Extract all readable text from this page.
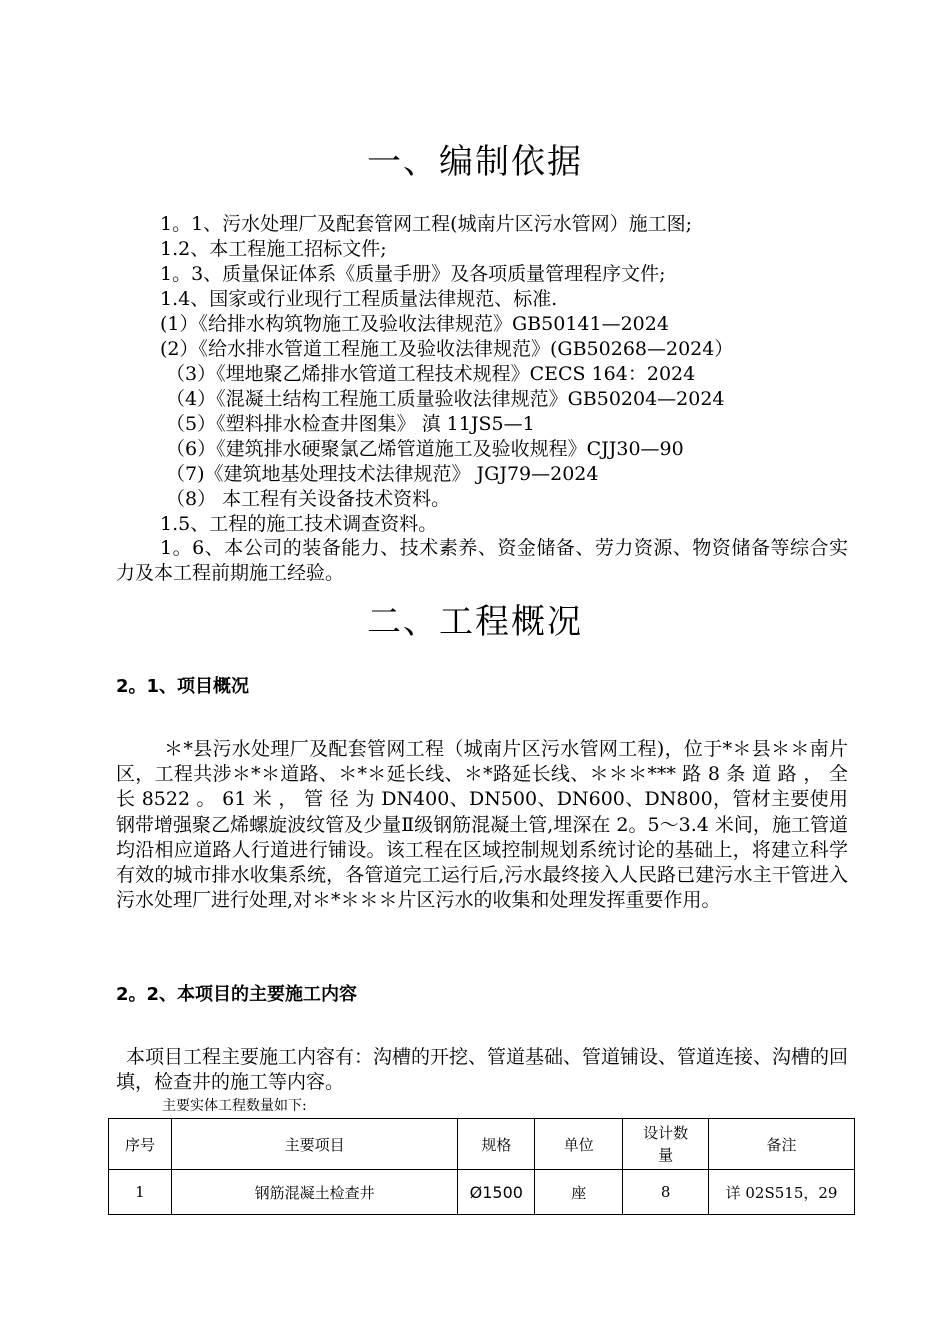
一、编制依据
1。1、污水处理厂及配套管网工程(城南片区污水管网）施工图;
1.2、本工程施工招标文件;
1。3、质量保证体系《质量手册》及各项质量管理程序文件;
1.4、国家或行业现行工程质量法律规范、标准.
(1）《给排水构筑物施工及验收法律规范》GB50141—2024
(2）《给水排水管道工程施工及验收法律规范》(GB50268—2024）
（3）《埋地聚乙烯排水管道工程技术规程》CECS 164：2024
（4）《混凝土结构工程施工质量验收法律规范》GB50204—2024
（5）《塑料排水检查井图集》 滇 11JS5—1
（6）《建筑排水硬聚氯乙烯管道施工及验收规程》CJJ30—90
（7)《建筑地基处理技术法律规范》 JGJ79—2024
（8） 本工程有关设备技术资料。
1.5、工程的施工技术调查资料。
1。6、本公司的装备能力、技术素养、资金储备、劳力资源、物资储备等综合实力及本工程前期施工经验。
二、工程概况
2。1、项目概况
＊*县污水处理厂及配套管网工程（城南片区污水管网工程)，位于*＊县＊＊南片区，工程共涉＊*＊道路、＊*＊延长线、＊*路延长线、＊＊＊*** 路 8 条 道 路 ， 全 长 8522 。 61 米 ， 管 径 为 DN400、DN500、DN600、DN800，管材主要使用钢带增强聚乙烯螺旋波纹管及少量Ⅱ级钢筋混凝土管,埋深在 2。5～3.4 米间，施工管道均沿相应道路人行道进行铺设。该工程在区域控制规划系统讨论的基础上，将建立科学有效的城市排水收集系统，各管道完工运行后,污水最终接入人民路已建污水主干管进入污水处理厂进行处理,对＊*＊＊＊片区污水的收集和处理发挥重要作用。
2。2、本项目的主要施工内容
本项目工程主要施工内容有：沟槽的开挖、管道基础、管道铺设、管道连接、沟槽的回填，检查井的施工等内容。
主要实体工程数量如下:
序号	主要项目	规格	单位	设计数量	备注
1	钢筋混凝土检查井	Ø1500	座	8	详 02S515，29
